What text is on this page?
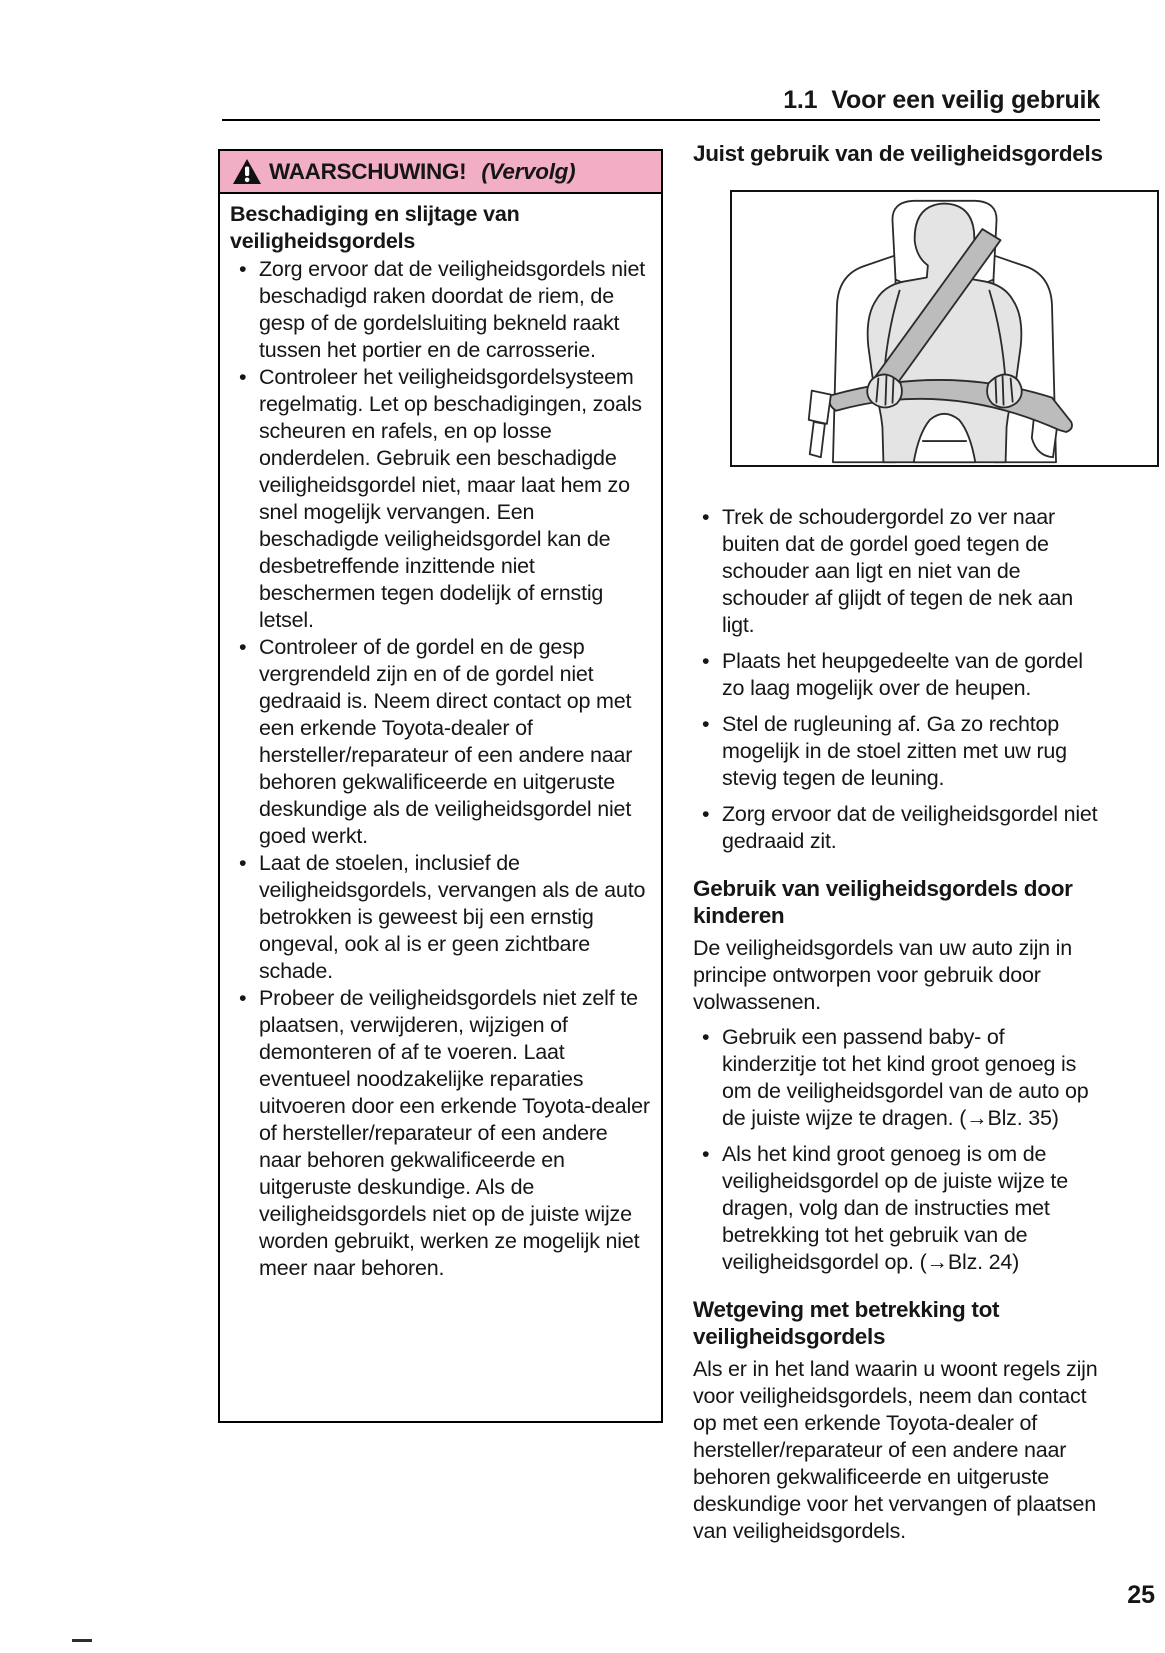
1.1 Voor een veilig gebruik
WAARSCHUWING! (Vervolg)
Beschadiging en slijtage van veiligheidsgordels
• Zorg ervoor dat de veiligheidsgordels niet beschadigd raken doordat de riem, de gesp of de gordelsluiting bekneld raakt tussen het portier en de carrosserie.
• Controleer het veiligheidsgordelsysteem regelmatig. Let op beschadigingen, zoals scheuren en rafels, en op losse onderdelen. Gebruik een beschadigde veiligheidsgordel niet, maar laat hem zo snel mogelijk vervangen. Een beschadigde veiligheidsgordel kan de desbetreffende inzittende niet beschermen tegen dodelijk of ernstig letsel.
• Controleer of de gordel en de gesp vergrendeld zijn en of de gordel niet gedraaid is. Neem direct contact op met een erkende Toyota-dealer of hersteller/reparateur of een andere naar behoren gekwalificeerde en uitgeruste deskundige als de veiligheidsgordel niet goed werkt.
• Laat de stoelen, inclusief de veiligheidsgordels, vervangen als de auto betrokken is geweest bij een ernstig ongeval, ook al is er geen zichtbare schade.
• Probeer de veiligheidsgordels niet zelf te plaatsen, verwijderen, wijzigen of demonteren of af te voeren. Laat eventueel noodzakelijke reparaties uitvoeren door een erkende Toyota-dealer of hersteller/reparateur of een andere naar behoren gekwalificeerde en uitgeruste deskundige. Als de veiligheidsgordels niet op de juiste wijze worden gebruikt, werken ze mogelijk niet meer naar behoren.
Juist gebruik van de veiligheidsgordels
• Trek de schoudergordel zo ver naar buiten dat de gordel goed tegen de schouder aan ligt en niet van de schouder af glijdt of tegen de nek aan ligt.
• Plaats het heupgedeelte van de gordel zo laag mogelijk over de heupen.
• Stel de rugleuning af. Ga zo rechtop mogelijk in de stoel zitten met uw rug stevig tegen de leuning.
• Zorg ervoor dat de veiligheidsgordel niet gedraaid zit.
Gebruik van veiligheidsgordels door kinderen

De veiligheidsgordels van uw auto zijn in principe ontworpen voor gebruik door volwassenen.

• Gebruik een passend baby- of kinderzitje tot het kind groot genoeg is om de veiligheidsgordel van de auto op de juiste wijze te dragen. (→Blz. 35)
• Als het kind groot genoeg is om de veiligheidsgordel op de juiste wijze te dragen, volg dan de instructies met betrekking tot het gebruik van de veiligheidsgordel op. (→Blz. 24)
Wetgeving met betrekking tot veiligheidsgordels

Als er in het land waarin u woont regels zijn voor veiligheidsgordels, neem dan contact op met een erkende Toyota-dealer of hersteller/reparateur of een andere naar behoren gekwalificeerde en uitgeruste deskundige voor het vervangen of plaatsen van veiligheidsgordels.

25
